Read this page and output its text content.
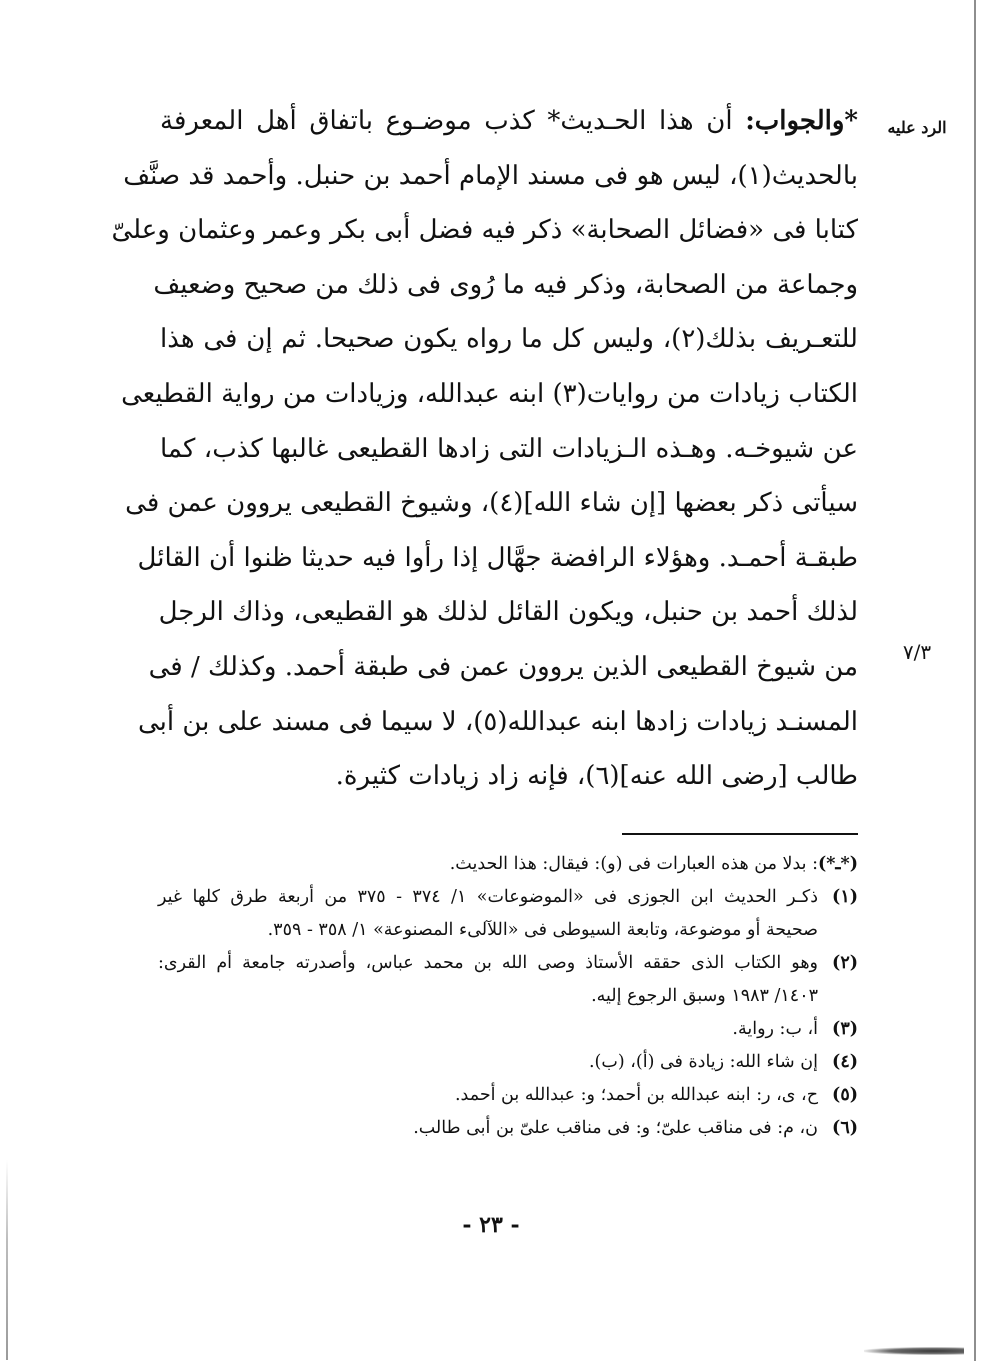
الرد عليه
٧/٣
*والجواب: أن هذا الحـديث* كذب موضـوع باتفاق أهل المعرفة
بالحديث(١)، ليس هو فى مسند الإمام أحمد بن حنبل. وأحمد قد صنَّف
كتابا فى «فضائل الصحابة» ذكر فيه فضل أبى بكر وعمر وعثمان وعلىّ
وجماعة من الصحابة، وذكر فيه ما رُوى فى ذلك من صحيح وضعيف
للتعـريف بذلك(٢)، وليس كل ما رواه يكون صحيحا. ثم إن فى هذا
الكتاب زيادات من روايات(٣) ابنه عبدالله، وزيادات من رواية القطيعى
عن شيوخـه. وهـذه الـزيادات التى زادها القطيعى غالبها كذب، كما
سيأتى ذكر بعضها [إن شاء الله](٤)، وشيوخ القطيعى يروون عمن فى
طبقـة أحمـد. وهؤلاء الرافضة جهَّال إذا رأوا فيه حديثا ظنوا أن القائل
لذلك أحمد بن حنبل، ويكون القائل لذلك هو القطيعى، وذاك الرجل
من شيوخ القطيعى الذين يروون عمن فى طبقة أحمد. وكذلك / فى
المسنـد زيادات زادها ابنه عبدالله(٥)، لا سيما فى مسند على بن أبى
طالب [رضى الله عنه](٦)، فإنه زاد زيادات كثيرة.
(*ـ*)
: بدلا من هذه العبارات فى (و): فيقال: هذا الحديث.
(١)
ذكـر الحديث ابن الجوزى فى «الموضوعات» ١/ ٣٧٤ - ٣٧٥ من أربعة طرق كلها غير
صحيحة أو موضوعة، وتابعة السيوطى فى «اللآلىء المصنوعة» ١/ ٣٥٨ - ٣٥٩.
(٢)
وهو الكتاب الذى حققه الأستاذ وصى الله بن محمد عباس، وأصدرته جامعة أم القرى:
١٤٠٣/ ١٩٨٣ وسبق الرجوع إليه.
(٣)
أ، ب: رواية.
(٤)
إن شاء الله: زيادة فى (أ)، (ب).
(٥)
ح، ى، ر: ابنه عبدالله بن أحمد؛ و: عبدالله بن أحمد.
(٦)
ن، م: فى مناقب علىّ؛ و: فى مناقب علىّ بن أبى طالب.
- ٢٣ -
